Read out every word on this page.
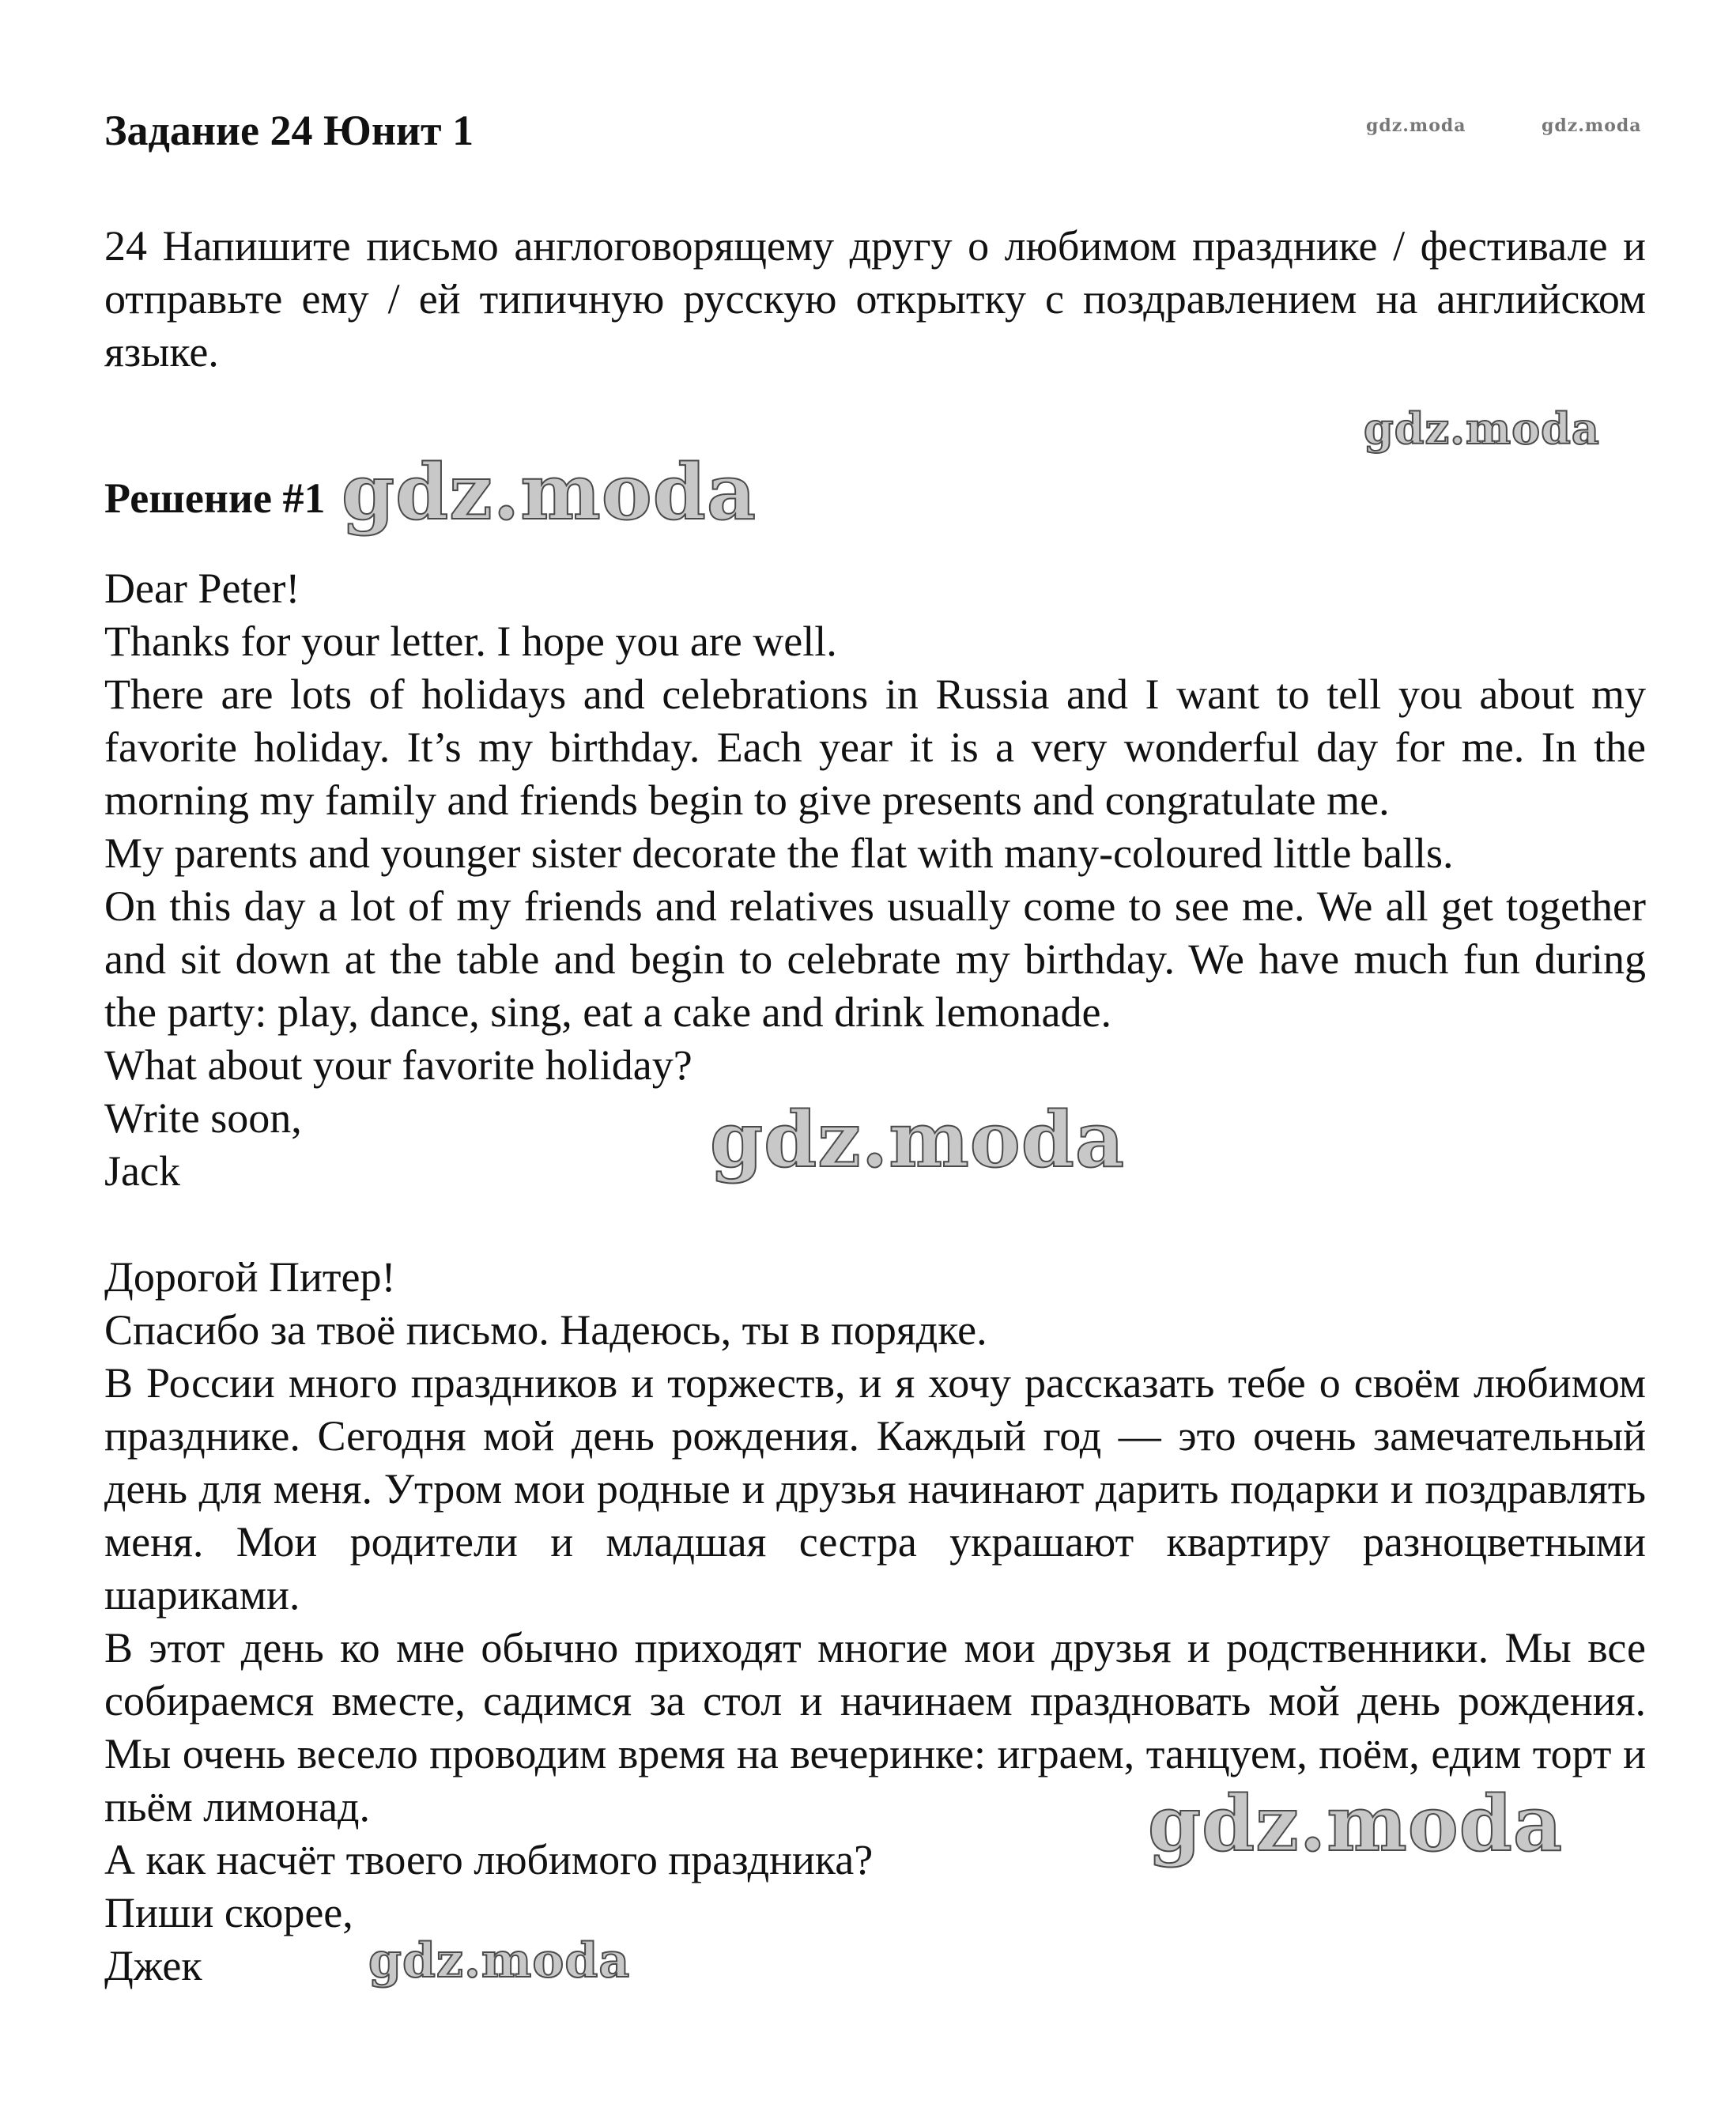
Задание 24 Юнит 1
24 Напишите письмо англоговорящему другу о любимом празднике / фестивале и отправьте ему / ей типичную русскую открытку с поздравлением на английском языке.
Решение #1

Dear Peter!

Thanks for your letter. I hope you are well.

There are lots of holidays and celebrations in Russia and I want to tell you about my favorite holiday. It’s my birthday. Each year it is a very wonderful day for me. In the morning my family and friends begin to give presents and congratulate me.

My parents and younger sister decorate the flat with many-coloured little balls.

On this day a lot of my friends and relatives usually come to see me. We all get together and sit down at the table and begin to celebrate my birthday. We have much fun during the party: play, dance, sing, eat a cake and drink lemonade.

What about your favorite holiday?

Write soon,

Jack

Дорогой Питер!

Спасибо за твоё письмо. Надеюсь, ты в порядке.

В России много праздников и торжеств, и я хочу рассказать тебе о своём любимом празднике. Сегодня мой день рождения. Каждый год — это очень замечательный день для меня. Утром мои родные и друзья начинают дарить подарки и поздравлять меня. Мои родители и младшая сестра украшают квартиру разноцветными шариками.

В этот день ко мне обычно приходят многие мои друзья и родственники. Мы все собираемся вместе, садимся за стол и начинаем праздновать мой день рождения. Мы очень весело проводим время на вечеринке: играем, танцуем, поём, едим торт и пьём лимонад.

А как насчёт твоего любимого праздника?

Пиши скорее,

Джек

gdz.moda	gdz.moda
gdz.moda
gdz.moda
gdz.moda
gdz.moda
gdz.moda
